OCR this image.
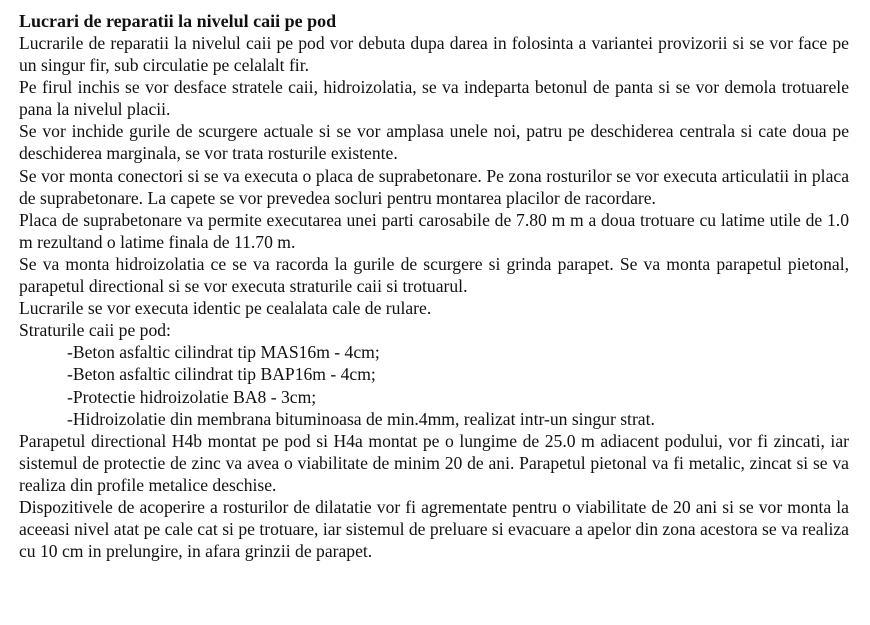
Lucrari de reparatii la nivelul caii pe pod

Lucrarile de reparatii la nivelul caii pe pod vor debuta dupa darea in folosinta a variantei provizorii si se vor face pe un singur fir, sub circulatie pe celalalt fir.

Pe firul inchis se vor desface stratele caii, hidroizolatia, se va indeparta betonul de panta si se vor demola trotuarele pana la nivelul placii.

Se vor inchide gurile de scurgere actuale si se vor amplasa unele noi, patru pe deschiderea centrala si cate doua pe deschiderea marginala, se vor trata rosturile existente.

Se vor monta conectori si se va executa o placa de suprabetonare. Pe zona rosturilor se vor executa articulatii in placa de suprabetonare. La capete se vor prevedea socluri pentru montarea placilor de racordare.

Placa de suprabetonare va permite executarea unei parti carosabile de 7.80 m m a doua trotuare cu latime utile de 1.0 m rezultand o latime finala de 11.70 m.

Se va monta hidroizolatia ce se va racorda la gurile de scurgere si grinda parapet. Se va monta parapetul pietonal, parapetul directional si se vor executa straturile caii si trotuarul.

Lucrarile se vor executa identic pe cealalata cale de rulare.

Straturile caii pe pod:

-Beton asfaltic cilindrat tip MAS16m - 4cm;

-Beton asfaltic cilindrat tip BAP16m - 4cm;

-Protectie hidroizolatie BA8 - 3cm;

-Hidroizolatie din membrana bituminoasa de min.4mm, realizat intr-un singur strat.

Parapetul directional H4b montat pe pod si H4a montat pe o lungime de 25.0 m adiacent podului, vor fi zincati, iar sistemul de protectie de zinc va avea o viabilitate de minim 20 de ani. Parapetul pietonal va fi metalic, zincat si se va realiza din profile metalice deschise.

Dispozitivele de acoperire a rosturilor de dilatatie vor fi agrementate pentru o viabilitate de 20 ani si se vor monta la aceeasi nivel atat pe cale cat si pe trotuare, iar sistemul de preluare si evacuare a apelor din zona acestora se va realiza cu 10 cm in prelungire, in afara grinzii de parapet.
